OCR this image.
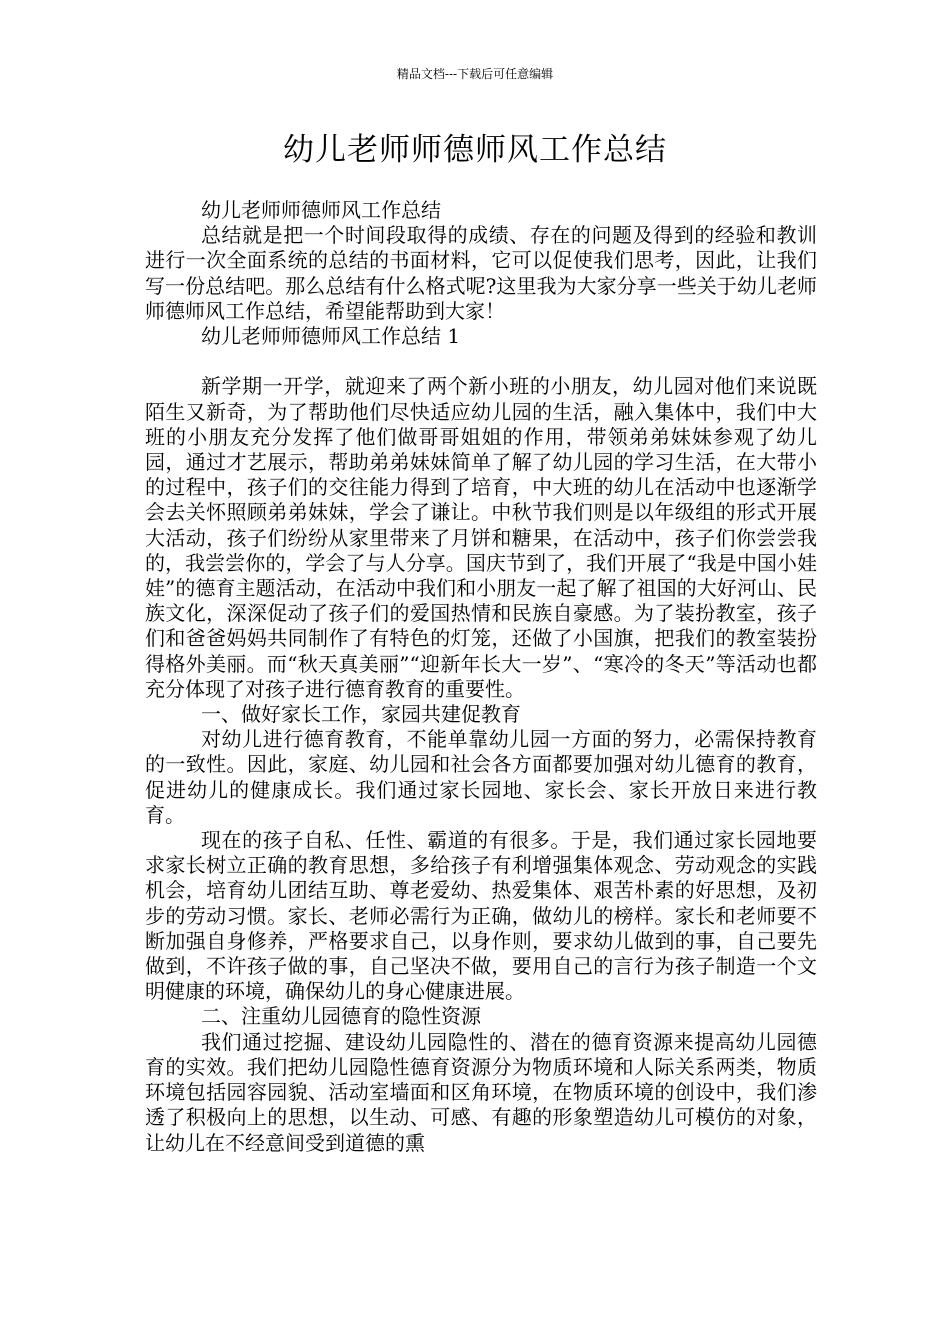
精品文档---下载后可任意编辑
幼儿老师师德师风工作总结

幼儿老师师德师风工作总结

总结就是把一个时间段取得的成绩、存在的问题及得到的经验和教训进行一次全面系统的总结的书面材料，它可以促使我们思考，因此，让我们写一份总结吧。那么总结有什么格式呢?这里我为大家分享一些关于幼儿老师师德师风工作总结，希望能帮助到大家！

幼儿老师师德师风工作总结 1

新学期一开学，就迎来了两个新小班的小朋友，幼儿园对他们来说既陌生又新奇，为了帮助他们尽快适应幼儿园的生活，融入集体中，我们中大班的小朋友充分发挥了他们做哥哥姐姐的作用，带领弟弟妹妹参观了幼儿园，通过才艺展示，帮助弟弟妹妹简单了解了幼儿园的学习生活，在大带小的过程中，孩子们的交往能力得到了培育，中大班的幼儿在活动中也逐渐学会去关怀照顾弟弟妹妹，学会了谦让。中秋节我们则是以年级组的形式开展大活动，孩子们纷纷从家里带来了月饼和糖果，在活动中，孩子们你尝尝我的，我尝尝你的，学会了与人分享。国庆节到了，我们开展了“我是中国小娃娃”的德育主题活动，在活动中我们和小朋友一起了解了祖国的大好河山、民族文化，深深促动了孩子们的爱国热情和民族自豪感。为了装扮教室，孩子们和爸爸妈妈共同制作了有特色的灯笼，还做了小国旗，把我们的教室装扮得格外美丽。而“秋天真美丽”“迎新年长大一岁”、“寒冷的冬天”等活动也都充分体现了对孩子进行德育教育的重要性。

一、做好家长工作，家园共建促教育

对幼儿进行德育教育，不能单靠幼儿园一方面的努力，必需保持教育的一致性。因此，家庭、幼儿园和社会各方面都要加强对幼儿德育的教育，促进幼儿的健康成长。我们通过家长园地、家长会、家长开放日来进行教育。

现在的孩子自私、任性、霸道的有很多。于是，我们通过家长园地要求家长树立正确的教育思想，多给孩子有利增强集体观念、劳动观念的实践机会，培育幼儿团结互助、尊老爱幼、热爱集体、艰苦朴素的好思想，及初步的劳动习惯。家长、老师必需行为正确，做幼儿的榜样。家长和老师要不断加强自身修养，严格要求自己，以身作则，要求幼儿做到的事，自己要先做到，不许孩子做的事，自己坚决不做，要用自己的言行为孩子制造一个文明健康的环境，确保幼儿的身心健康进展。

二、注重幼儿园德育的隐性资源

我们通过挖掘、建设幼儿园隐性的、潜在的德育资源来提高幼儿园德育的实效。我们把幼儿园隐性德育资源分为物质环境和人际关系两类，物质环境包括园容园貌、活动室墙面和区角环境，在物质环境的创设中，我们渗透了积极向上的思想，以生动、可感、有趣的形象塑造幼儿可模仿的对象，让幼儿在不经意间受到道德的熏
